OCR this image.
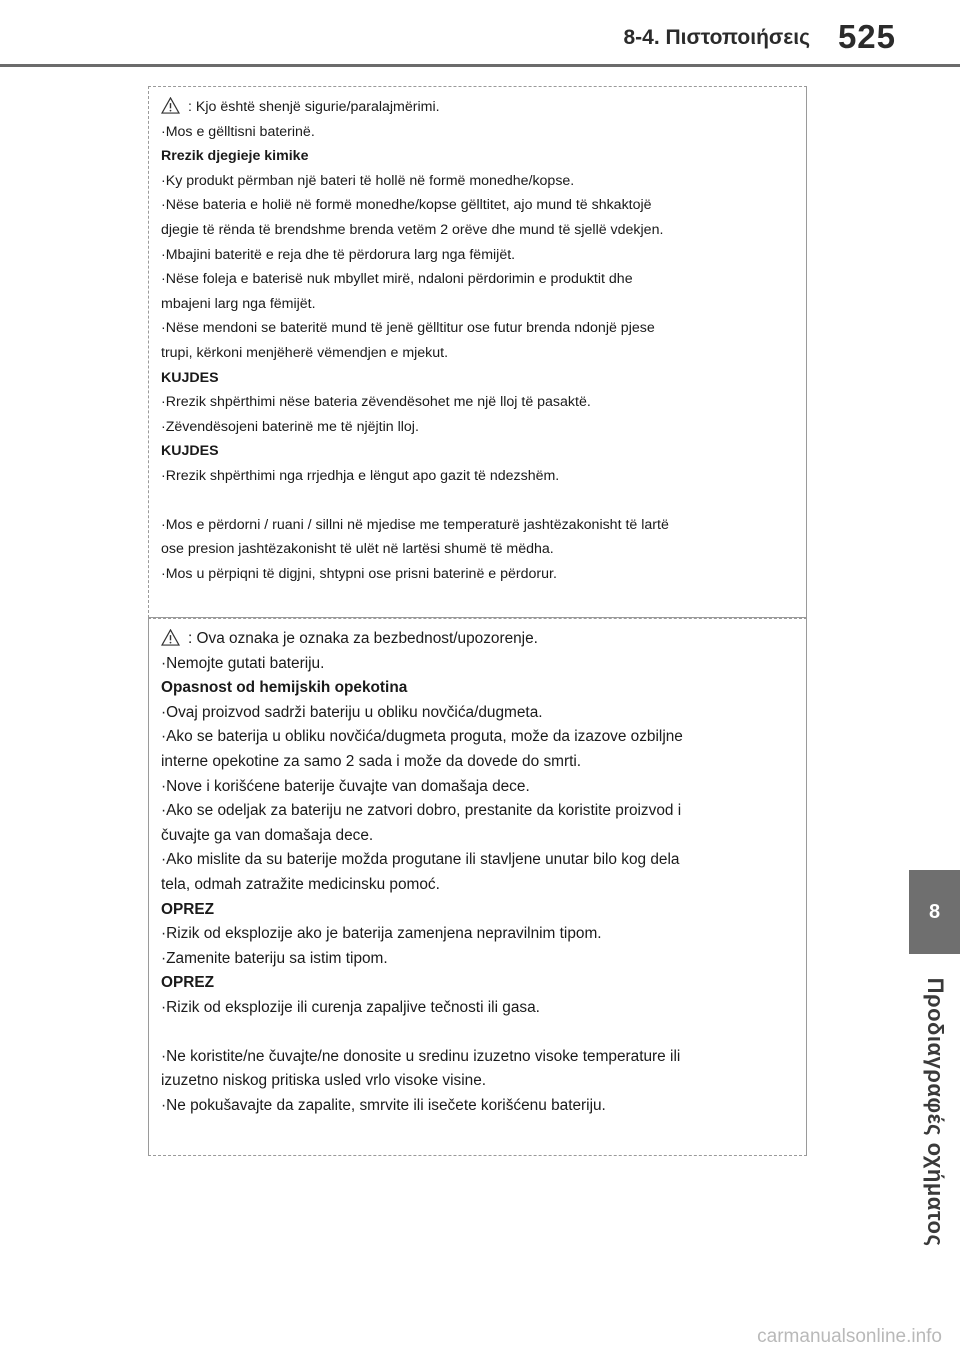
8-4. Πιστοποιήσεις 525
8
Προδιαγραφές οχήματος

: Kjo është shenjë sigurie/paralajmërimi.

·Mos e gëlltisni baterinë.

Rrezik djegieje kimike

·Ky produkt përmban një bateri të hollë në formë monedhe/kopse.

·Nëse bateria e holië në formë monedhe/kopse gëlltitet, ajo mund të shkaktojë

djegie të rënda të brendshme brenda vetëm 2 orëve dhe mund të sjellë vdekjen.

·Mbajini bateritë e reja dhe të përdorura larg nga fëmijët.

·Nëse foleja e baterisë nuk mbyllet mirë, ndaloni përdorimin e produktit dhe

mbajeni larg nga fëmijët.

·Nëse mendoni se bateritë mund të jenë gëlltitur ose futur brenda ndonjë pjese

trupi, kërkoni menjëherë vëmendjen e mjekut.

KUJDES

·Rrezik shpërthimi nëse bateria zëvendësohet me një lloj të pasaktë.

·Zëvendësojeni baterinë me të njëjtin lloj.

KUJDES

·Rrezik shpërthimi nga rrjedhja e lëngut apo gazit të ndezshëm.

·Mos e përdorni / ruani / sillni në mjedise me temperaturë jashtëzakonisht të lartë

ose presion jashtëzakonisht të ulët në lartësi shumë të mëdha.

·Mos u përpiqni të digjni, shtypni ose prisni baterinë e përdorur.

: Ova oznaka je oznaka za bezbednost/upozorenje.

·Nemojte gutati bateriju.

Opasnost od hemijskih opekotina

·Ovaj proizvod sadrži bateriju u obliku novčića/dugmeta.

·Ako se baterija u obliku novčića/dugmeta proguta, može da izazove ozbiljne

interne opekotine za samo 2 sada i može da dovede do smrti.

·Nove i korišćene baterije čuvajte van domašaja dece.

·Ako se odeljak za bateriju ne zatvori dobro, prestanite da koristite proizvod i

čuvajte ga van domašaja dece.

·Ako mislite da su baterije možda progutane ili stavljene unutar bilo kog dela

tela, odmah zatražite medicinsku pomoć.

OPREZ

·Rizik od eksplozije ako je baterija zamenjena nepravilnim tipom.

·Zamenite bateriju sa istim tipom.

OPREZ

·Rizik od eksplozije ili curenja zapaljive tečnosti ili gasa.

·Ne koristite/ne čuvajte/ne donosite u sredinu izuzetno visoke temperature ili

izuzetno niskog pritiska usled vrlo visoke visine.

·Ne pokušavajte da zapalite, smrvite ili isečete korišćenu bateriju.

carmanualsonline.info
